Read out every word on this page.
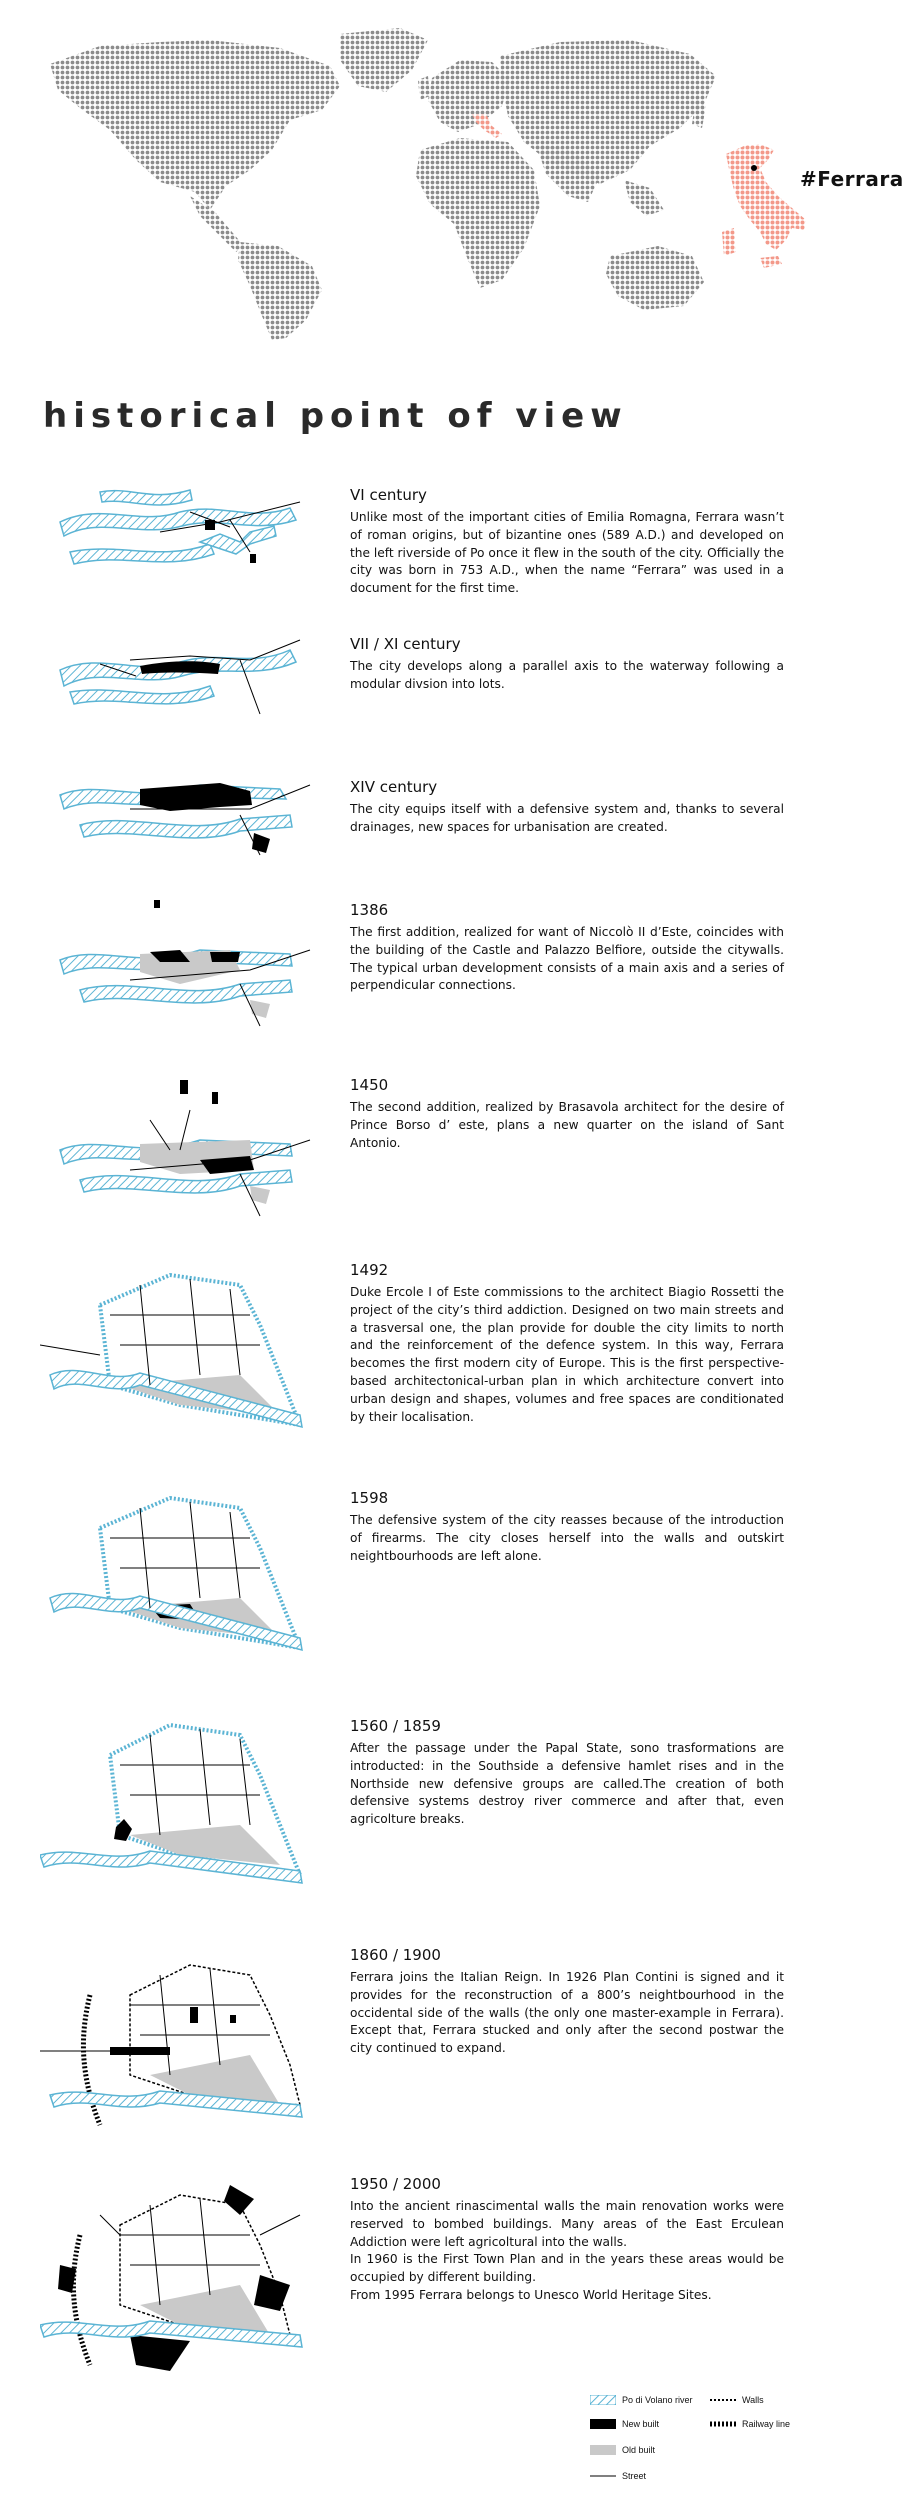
#Ferrara
historical point of view

VI century

Unlike most of the important cities of Emilia Romagna, Ferrara wasn’t of roman origins, but of bizantine ones (589 A.D.) and developed on the left riverside of Po once it flew in the south of the city. Officially the city was born in 753 A.D., when the name “Ferrara” was used in a document for the first time.

VII / XI century

The city develops along a parallel axis to the waterway following a modular divsion into lots.

XIV century

The city equips itself with a defensive system and, thanks to several drainages, new spaces for urbanisation are created.

1386

The first addition, realized for want of Niccolò II d’Este, coincides with the building of the Castle and Palazzo Belfiore, outside the citywalls. The typical urban development consists of a main axis and a series of perpendicular connections.

1450

The second addition, realized by Brasavola architect for the desire of Prince Borso d’ este, plans a new quarter on the island of Sant Antonio.

1492

Duke Ercole I of Este commissions to the architect Biagio Rossetti the project of the city’s third addiction. Designed on two main streets and a trasversal one, the plan provide for double the city limits to north and the reinforcement of the defence system. In this way, Ferrara becomes the first modern city of Europe. This is the first perspective-based architectonical-urban plan in which architecture convert into urban design and shapes, volumes and free spaces are conditionated by their localisation.

1598

The defensive system of the city reasses because of the introduction of firearms. The city closes herself into the walls and outskirt neightbourhoods are left alone.

1560 / 1859

After the passage under the Papal State, sono trasformations are introducted: in the Southside a defensive hamlet rises and in the Northside new defensive groups are called.The creation of both defensive systems destroy river commerce and after that, even agricolture breaks.

1860 / 1900

Ferrara joins the Italian Reign. In 1926 Plan Contini is signed and it provides for the reconstruction of a 800’s neightbourhood in the occidental side of the walls (the only one master-example in Ferrara). Except that, Ferrara stucked and only after the second postwar the city continued to expand.

1950 / 2000

Into the ancient rinascimental walls the main renovation works were reserved to bombed buildings. Many areas of the East Erculean Addiction were left agricoltural into the walls.
In 1960 is the First Town Plan and in the years these areas would be occupied by different building.
From 1995 Ferrara belongs to Unesco World Heritage Sites.

Po di Volano river	Walls
New built	Railway line
Old built
Street
